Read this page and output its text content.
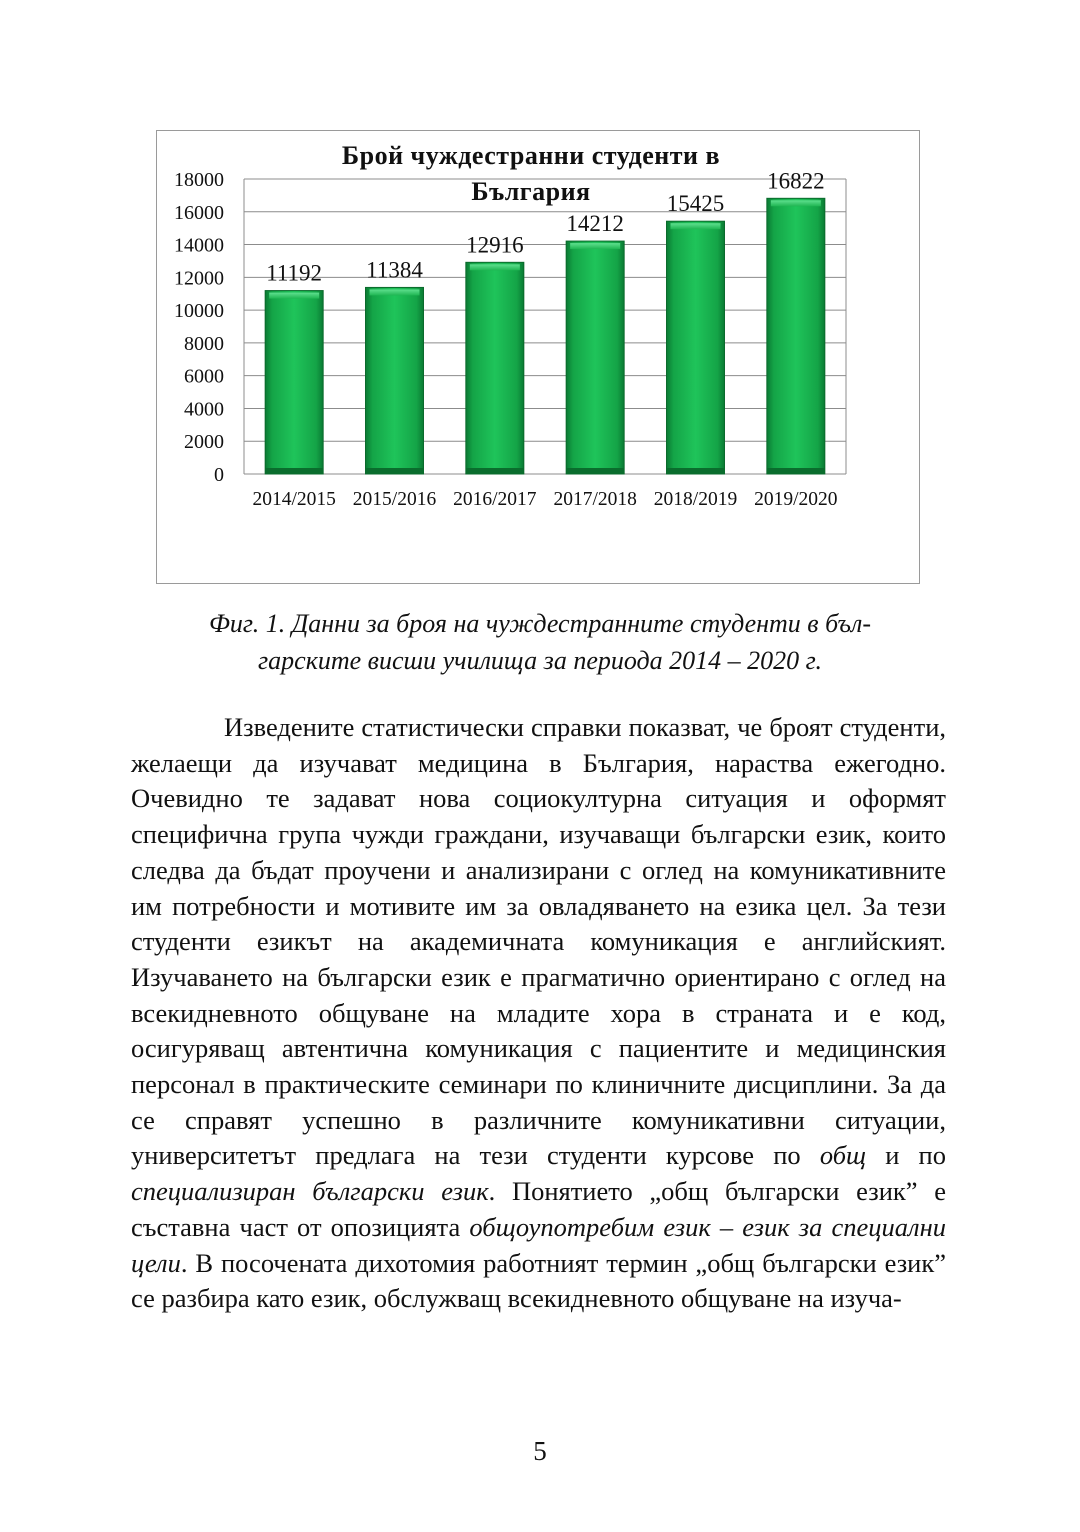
0
2000
4000
6000
8000
10000
12000
14000
16000
18000
11192
2014/2015
11384
2015/2016
12916
2016/2017
14212
2017/2018
15425
2018/2019
16822
2019/2020
Брой чуждестранни студенти в
България
Фиг. 1. Данни за броя на чуждестранните студенти в бъл-
гарските висши училища за периода 2014 – 2020 г.

Изведените статистически справки показват, че броят студенти, желаещи да изучават медицина в България, нараства ежегодно. Очевидно те задават нова социокултурна ситуация и оформят специфична група чужди граждани, изучаващи български език, които следва да бъдат проучени и анализирани с оглед на комуникативните им потребности и мотивите им за овладяването на езика цел. За тези студенти езикът на академичната комуникация е английският. Изучаването на български език е прагматично ориентирано с оглед на всекидневното общуване на младите хора в страната и е код, осигуряващ автентична комуникация с пациентите и медицинския персонал в практическите семинари по клиничните дисциплини. За да се справят успешно в различните комуникативни ситуации, университетът предлага на тези студенти курсове по общ и по специализиран български език. Понятието „общ български език” е съставна част от опозицията общоупотребим език – език за специални цели. В посочената дихотомия работният термин „общ български език” се разбира като език, обслужващ всекидневното общуване на изуча-

5
